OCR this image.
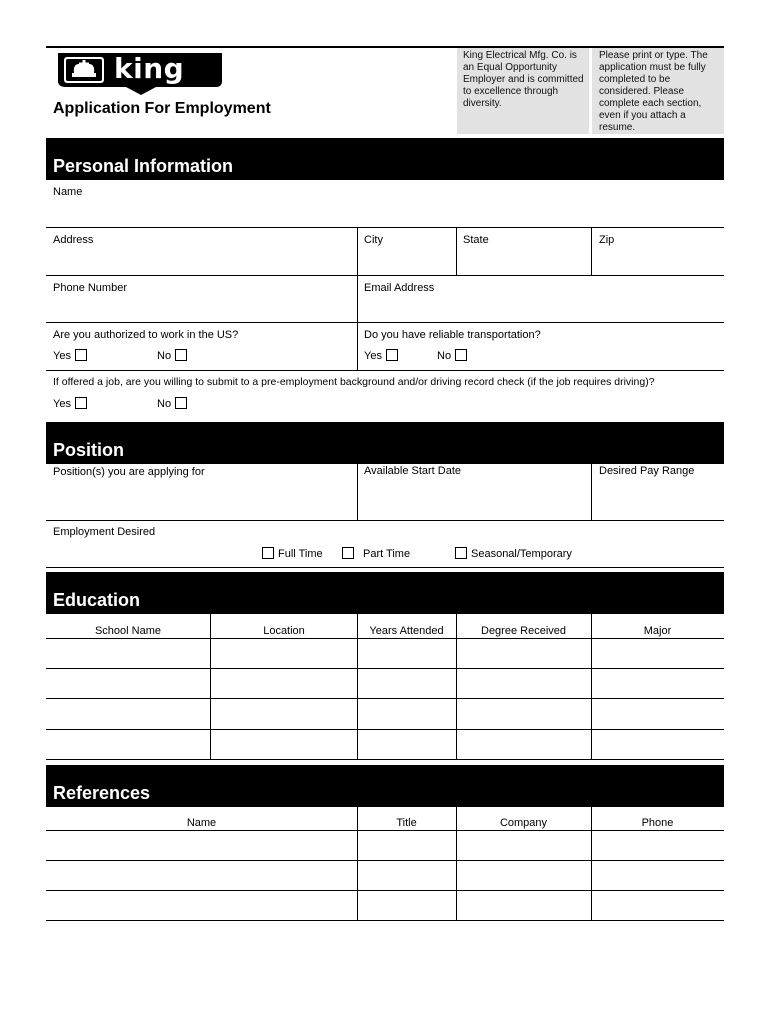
king
Application For Employment
King Electrical Mfg. Co. is an Equal Opportunity Employer and is committed to excellence through diversity.
Please print or type. The application must be fully completed to be considered. Please complete each section, even if you attach a resume.
Personal Information
Name
Address	City	State	Zip
Phone Number	Email Address
Are you authorized to work in the US?
Yes	No
Do you have reliable transportation?
Yes	No
If offered a job, are you willing to submit to a pre-employment background and/or driving record check (if the job requires driving)?
Yes	No
Position
Position(s) you are applying for	Available Start Date	Desired Pay Range
Employment Desired
Full Time	Part Time	Seasonal/Temporary
Education
School Name	Location	Years Attended	Degree Received	Major
References
Name	Title	Company	Phone
